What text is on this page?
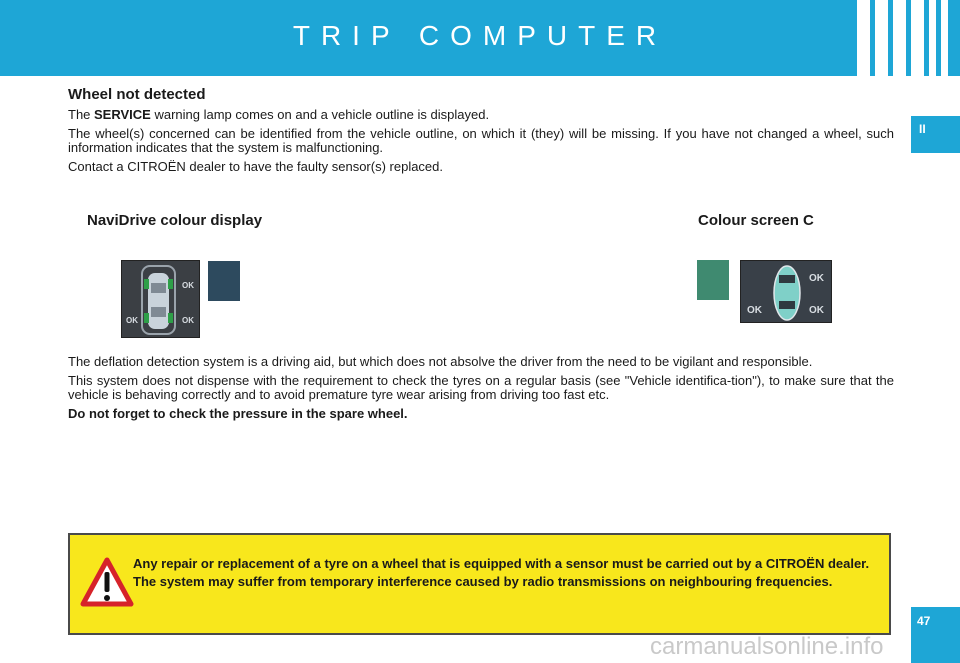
TRIP COMPUTER
II
47
Wheel not detected

The SERVICE warning lamp comes on and a vehicle outline is displayed.

The wheel(s) concerned can be identified from the vehicle outline, on which it (they) will be missing. If you have not changed a wheel, such information indicates that the system is malfunctioning.

Contact a CITROËN dealer to have the faulty sensor(s) replaced.

NaviDrive colour display	Colour screen C
OK
OK	OK
OK
OK	OK

The deflation detection system is a driving aid, but which does not absolve the driver from the need to be vigilant and responsible.

This system does not dispense with the requirement to check the tyres on a regular basis (see "Vehicle identifica-tion"), to make sure that the vehicle is behaving correctly and to avoid premature tyre wear arising from driving too fast etc.

Do not forget to check the pressure in the spare wheel.

Any repair or replacement of a tyre on a wheel that is equipped with a sensor must be carried out by a CITROËN dealer.

The system may suffer from temporary interference caused by radio transmissions on neighbouring frequencies.

carmanualsonline.info
